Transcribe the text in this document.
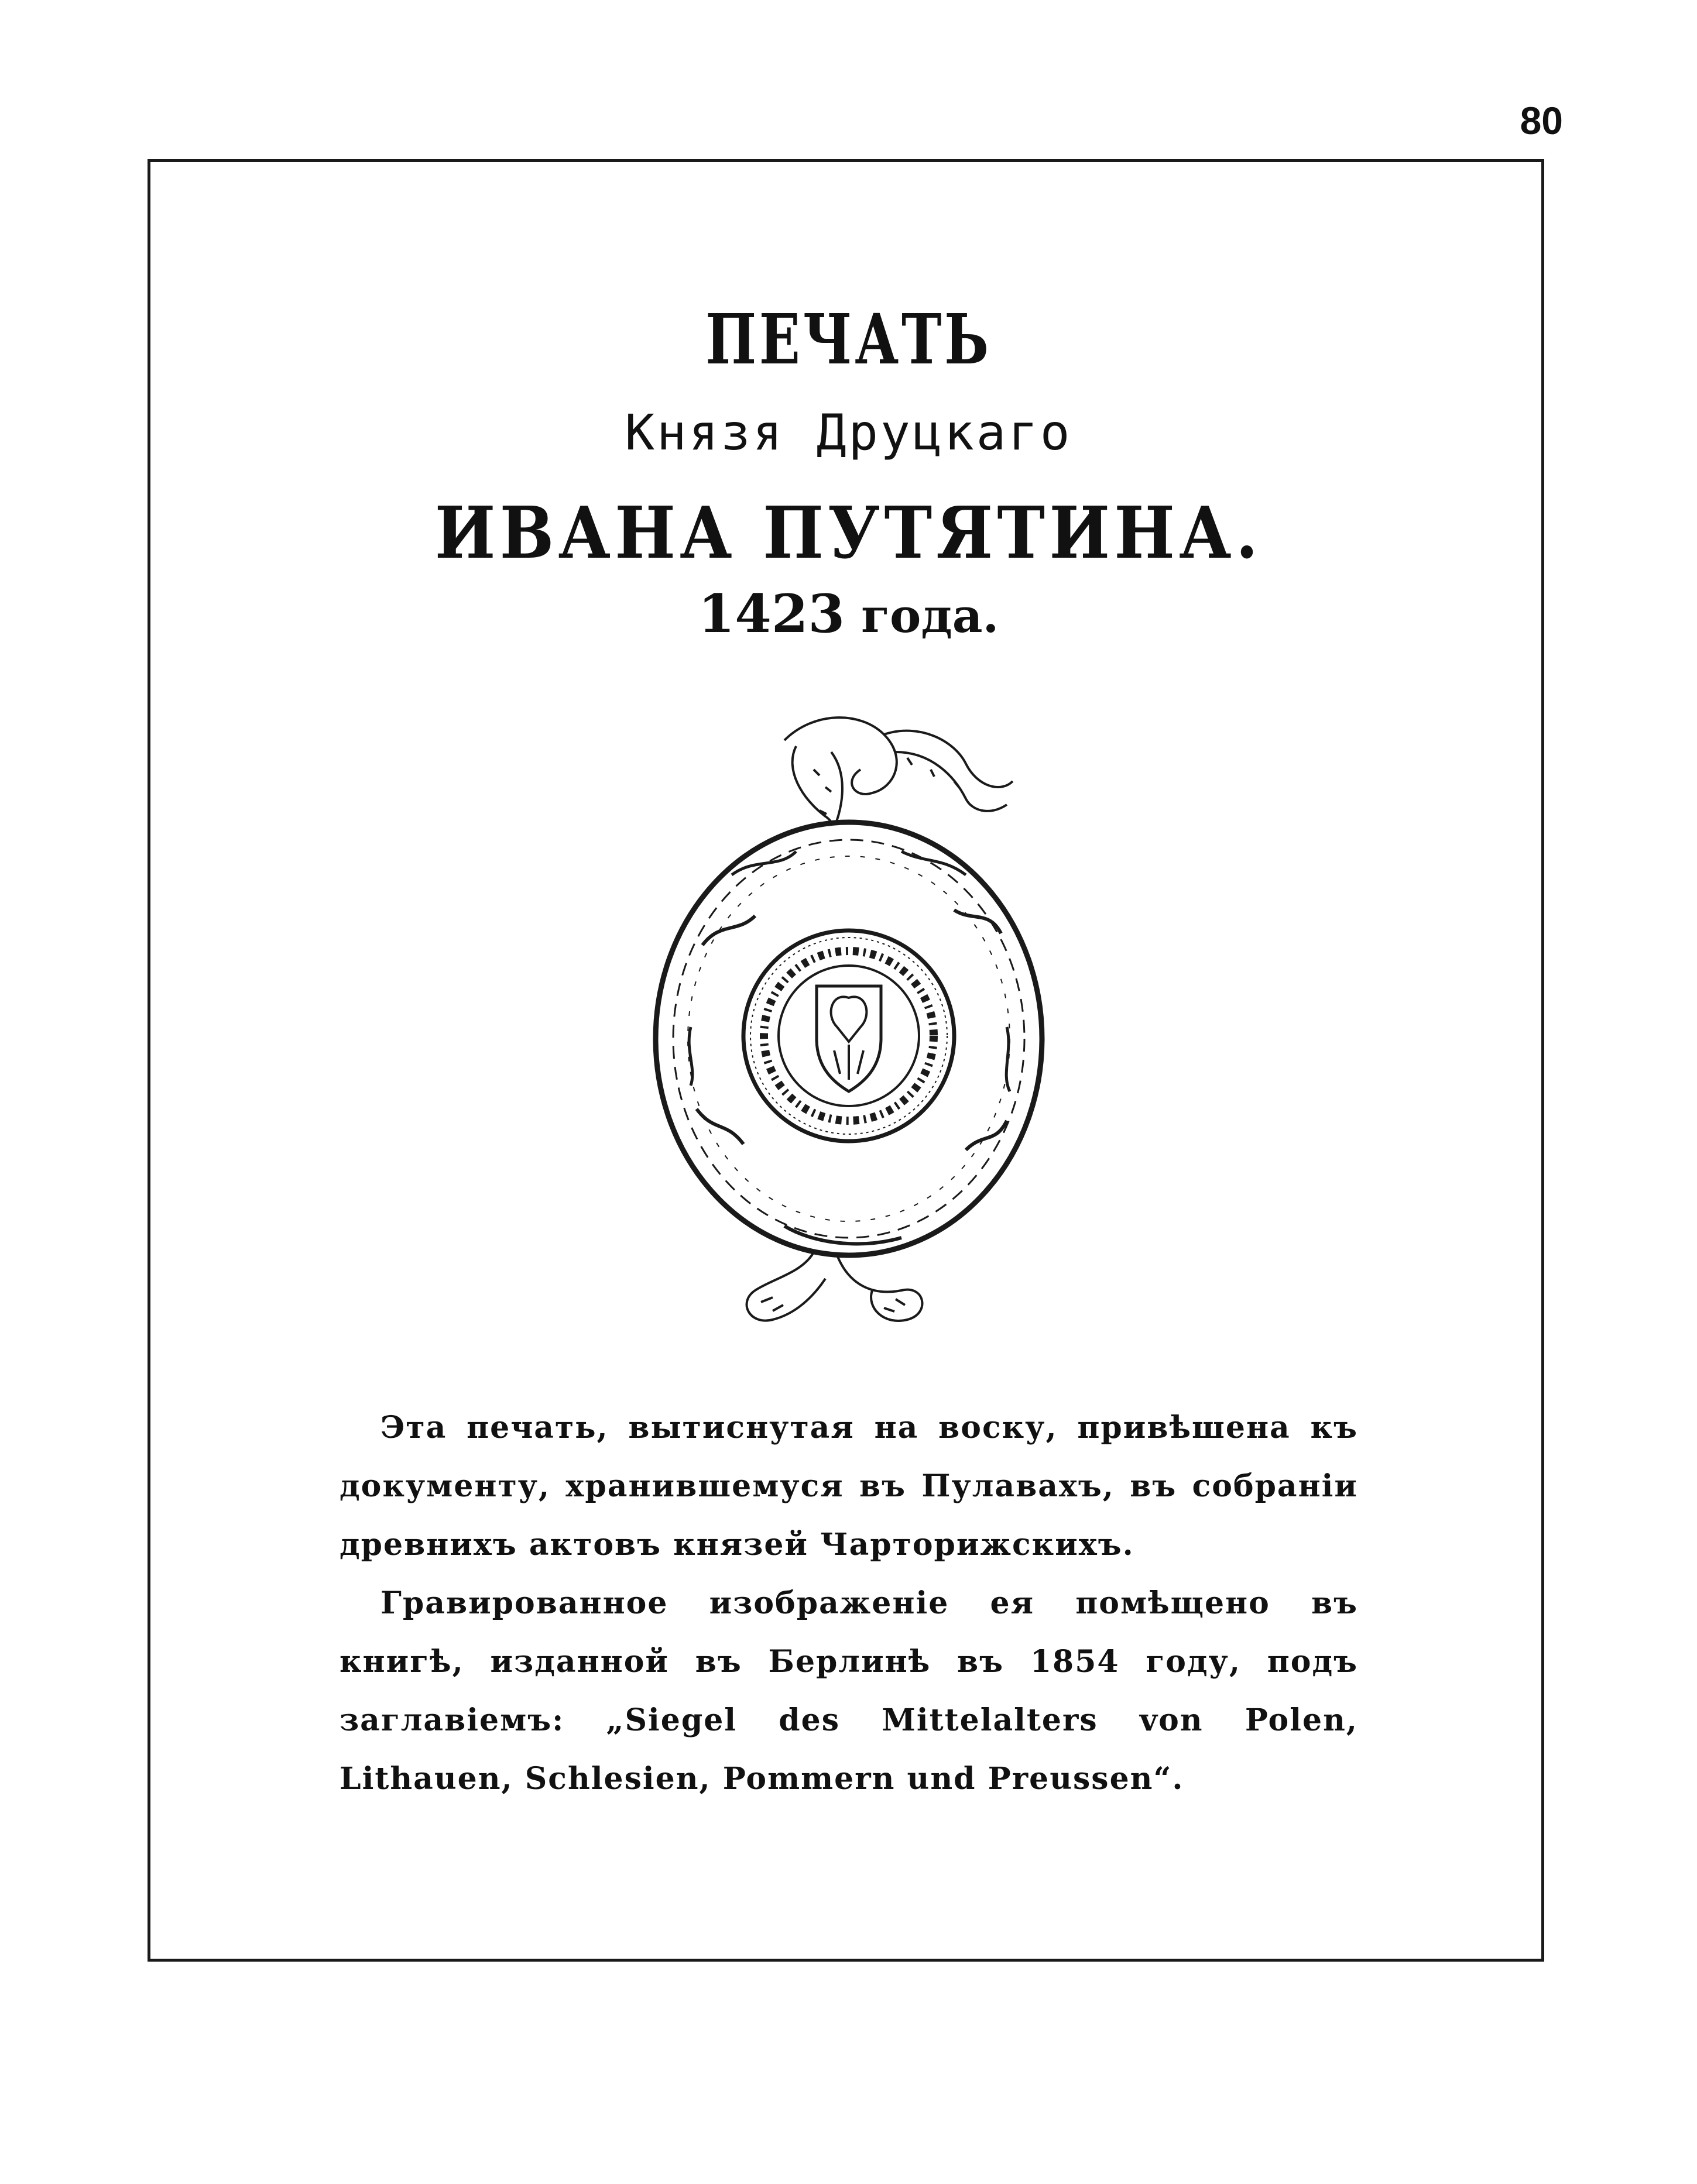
80
ПЕЧАТЬ
Князя Друцкаго
ИВАНА ПУТЯТИНА.
1423 года.

Эта печать, вытиснутая на воску, привѣшена къ документу, хранившемуся въ Пулавахъ, въ собраніи древнихъ актовъ князей Чарторижскихъ.

Гравированное изображеніе ея помѣщено въ книгѣ, изданной въ Берлинѣ въ 1854 году, подъ заглавіемъ: „Siegel des Mittelalters von Polen, Lithauen, Schlesien, Pommern und Preussen“.
